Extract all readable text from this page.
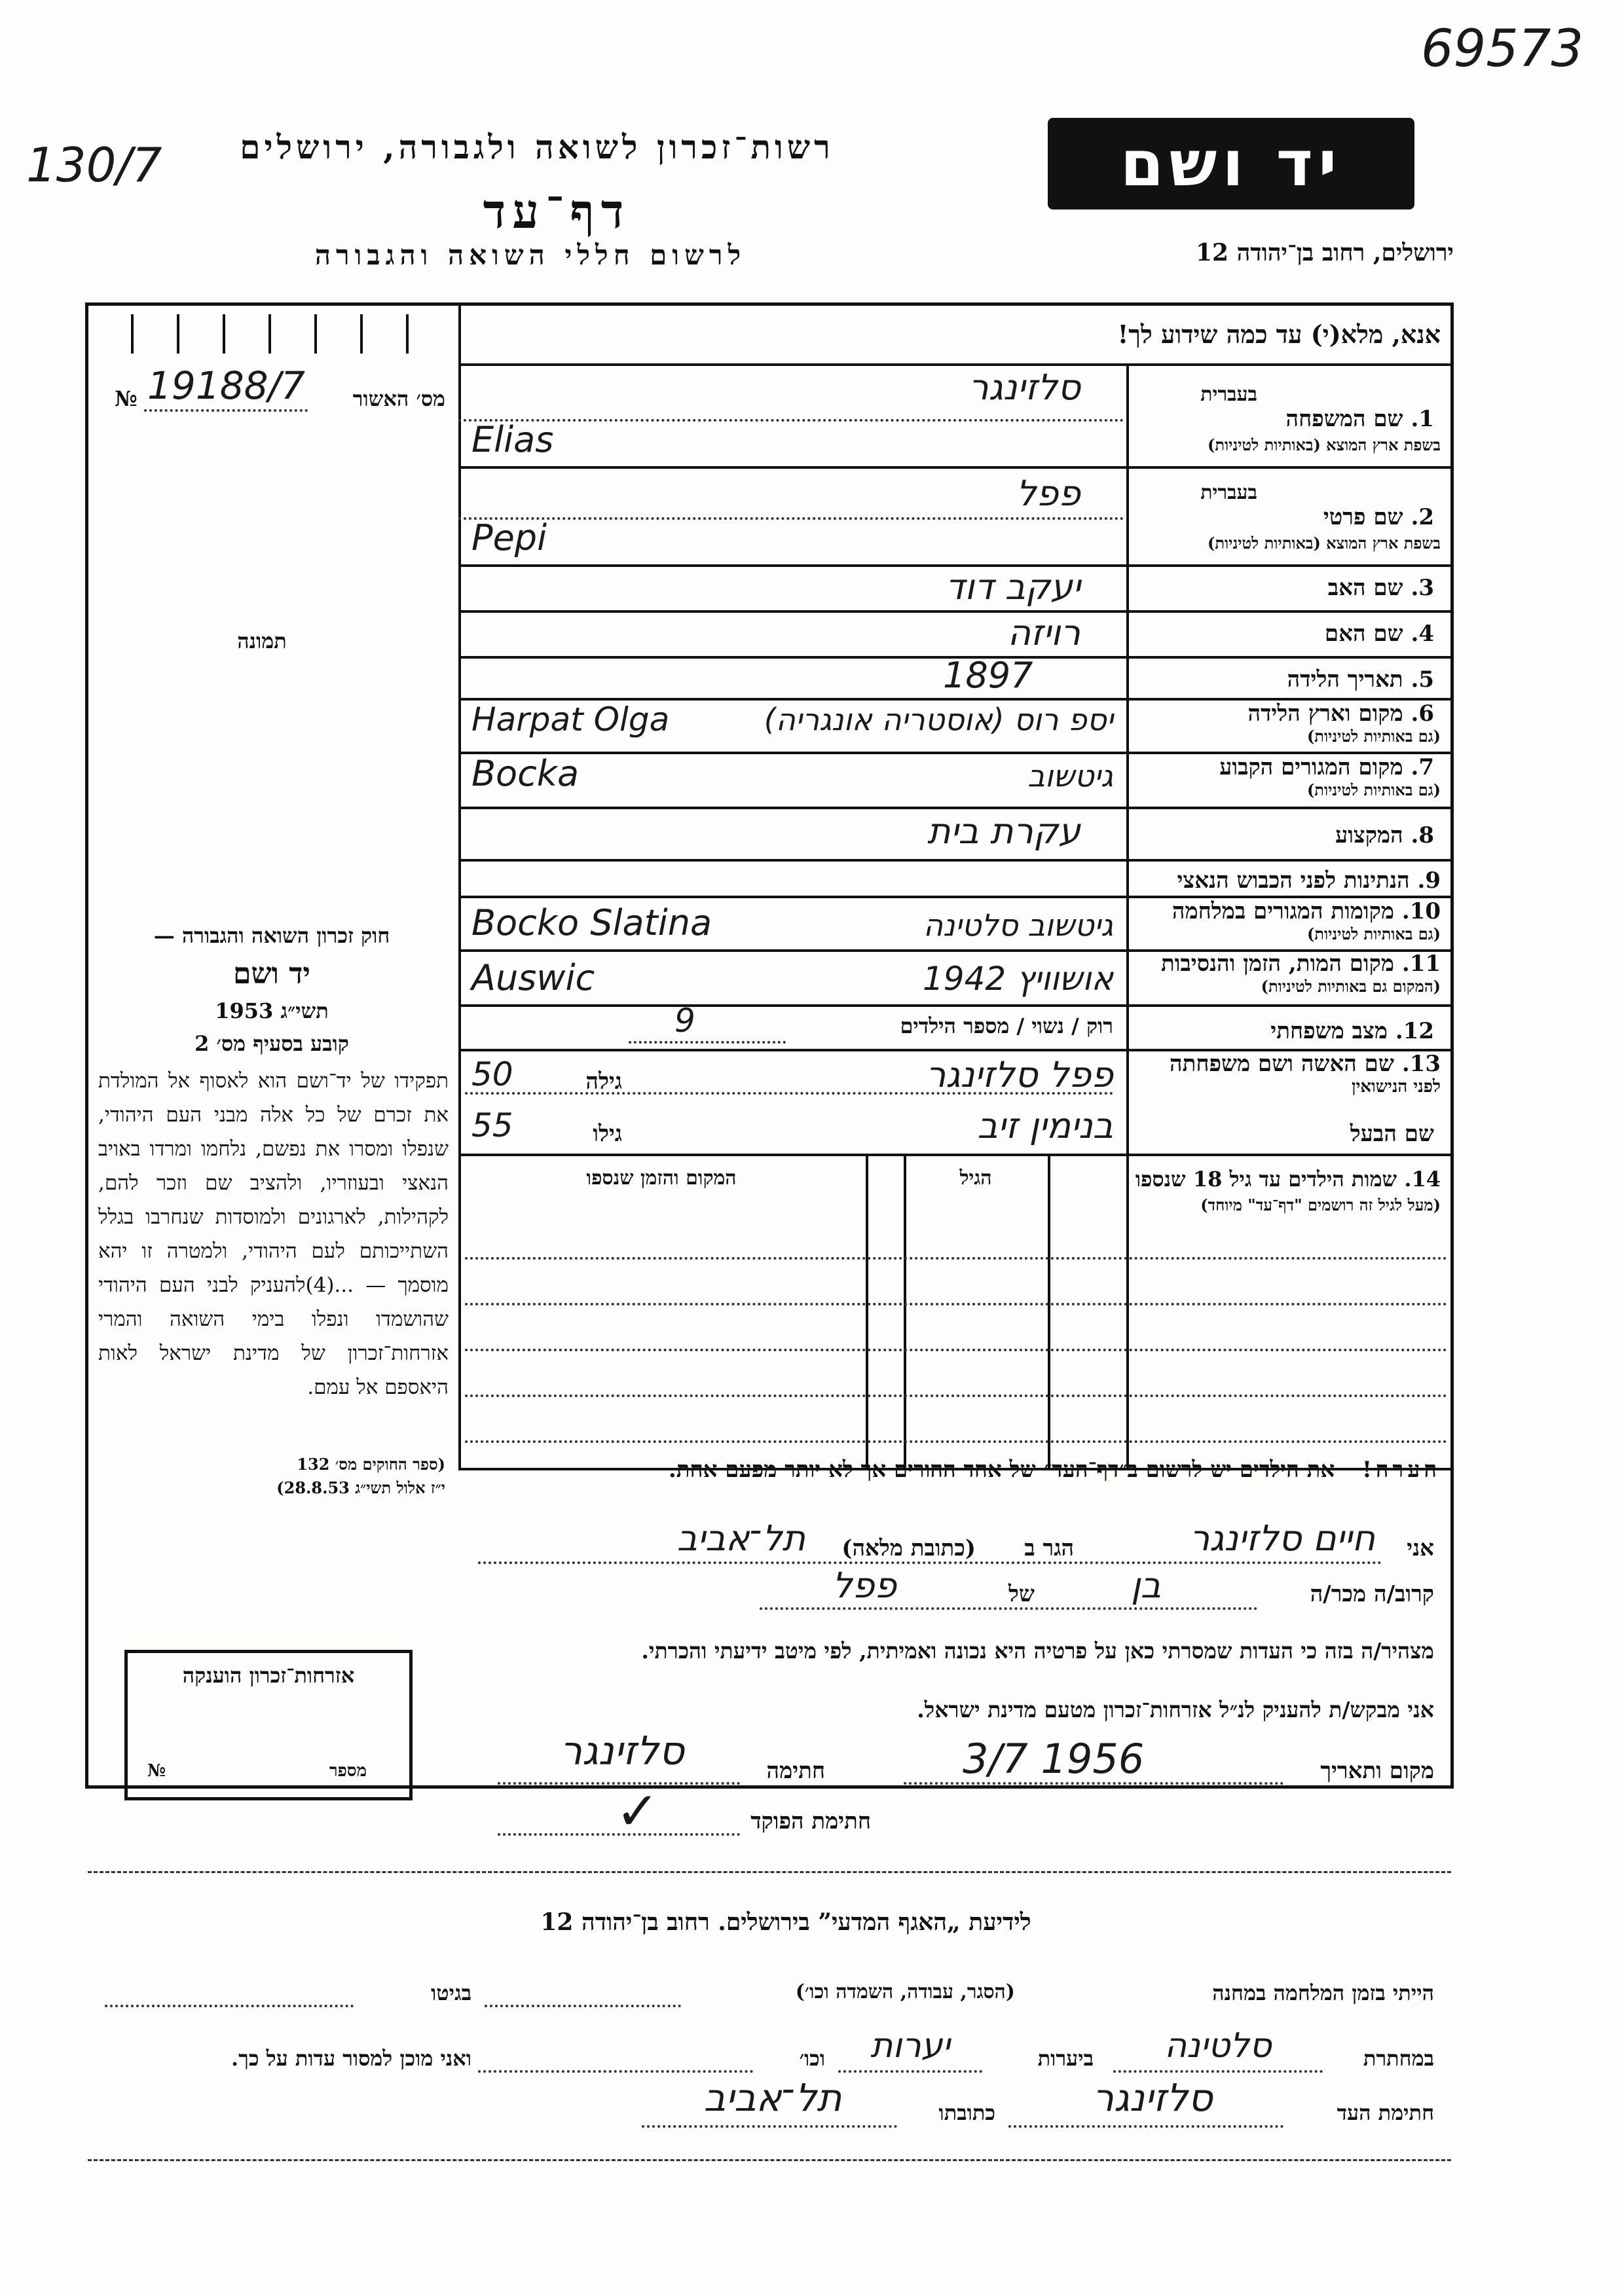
69573
130/7	רשות־זכרון לשואה ולגבורה, ירושלים
דף־עד
לרשום חללי השואה והגבורה
יד ושם
ירושלים, רחוב בן־יהודה 12
אנא, מלא(י) עד כמה שידוע לך!
№ 19188/7	מס׳ האשור
תמונה
בעברית
1. שם המשפחה
בשפת ארץ המוצא (באותיות לטיניות)
סלזינגר
Elias
בעברית
2. שם פרטי
בשפת ארץ המוצא (באותיות לטיניות)
פפל
Pepi
3. שם האב
יעקב דוד
4. שם האם
רויזה
5. תאריך הלידה
1897
6. מקום וארץ הלידה
(גם באותיות לטיניות)
Harpat Olga	יספ רוס (אוסטריה אונגריה)
7. מקום המגורים הקבוע
(גם באותיות לטיניות)
Bocka	גיטשוב
8. המקצוע
עקרת בית
9. הנתינות לפני הכבוש הנאצי
10. מקומות המגורים במלחמה
(גם באותיות לטיניות)
Bocko Slatina	גיטשוב סלטינה
11. מקום המות, הזמן והנסיבות
(המקום גם באותיות לטיניות)
Auswic	אושוויץ 1942
12. מצב משפחתי
רוק / נשוי / מספר הילדים
9
13. שם האשה ושם משפחתה
לפני הנישואין
פפל סלזינגר
גילה
50
שם הבעל
בנימין זיב
גילו
55
14. שמות הילדים עד גיל 18 שנספו
(מעל לגיל זה רושמים "דף־עד" מיוחד)
הגיל
המקום והזמן שנספו
חוק זכרון השואה והגבורה —
יד ושם
תשי״ג 1953
קובע בסעיף מס׳ 2
תפקידו של יד־ושם הוא לאסוף אל המולדת את זכרם של כל אלה מבני העם היהודי, שנפלו ומסרו את נפשם, נלחמו ומרדו באויב הנאצי ובעוזריו, ולהציב שם וזכר להם, לקהילות, לארגונים ולמוסדות שנחרבו בגלל השתייכותם לעם היהודי, ולמטרה זו יהא מוסמך — ...(4)להעניק לבני העם היהודי שהושמדו ונפלו בימי השואה והמרי אזרחות־זכרון של מדינת ישראל לאות היאספם אל עמם.
(ספר החוקים מס׳ 132
י״ז אלול תשי״ג 28.8.53)
אזרחות־זכרון הוענקה
№	מספר
הערה! את הילדים יש לרשום ב״דף־העד״ של אחד ההורים אך לא יותר מפעם אחת.
אני
חיים סלזינגר
הגר ב
(כתובת מלאה)
תל־אביב
קרוב/ה מכר/ה
בן
של
פפל
מצהיר/ה בזה כי העדות שמסרתי כאן על פרטיה היא נכונה ואמיתית, לפי מיטב ידיעתי והכרתי.
אני מבקש/ת להעניק לנ״ל אזרחות־זכרון מטעם מדינת ישראל.
מקום ותאריך
3/7 1956
חתימה
סלזינגר
חתימת הפוקד
✓
לידיעת „האגף המדעי” בירושלים. רחוב בן־יהודה 12
הייתי בזמן המלחמה במחנה
(הסגר, עבודה, השמדה וכו׳)
בגיטו
במחתרת
סלטינה
ביערות
יערות
וכו׳
ואני מוכן למסור עדות על כך.
חתימת העד
סלזינגר
כתובתו
תל־אביב
